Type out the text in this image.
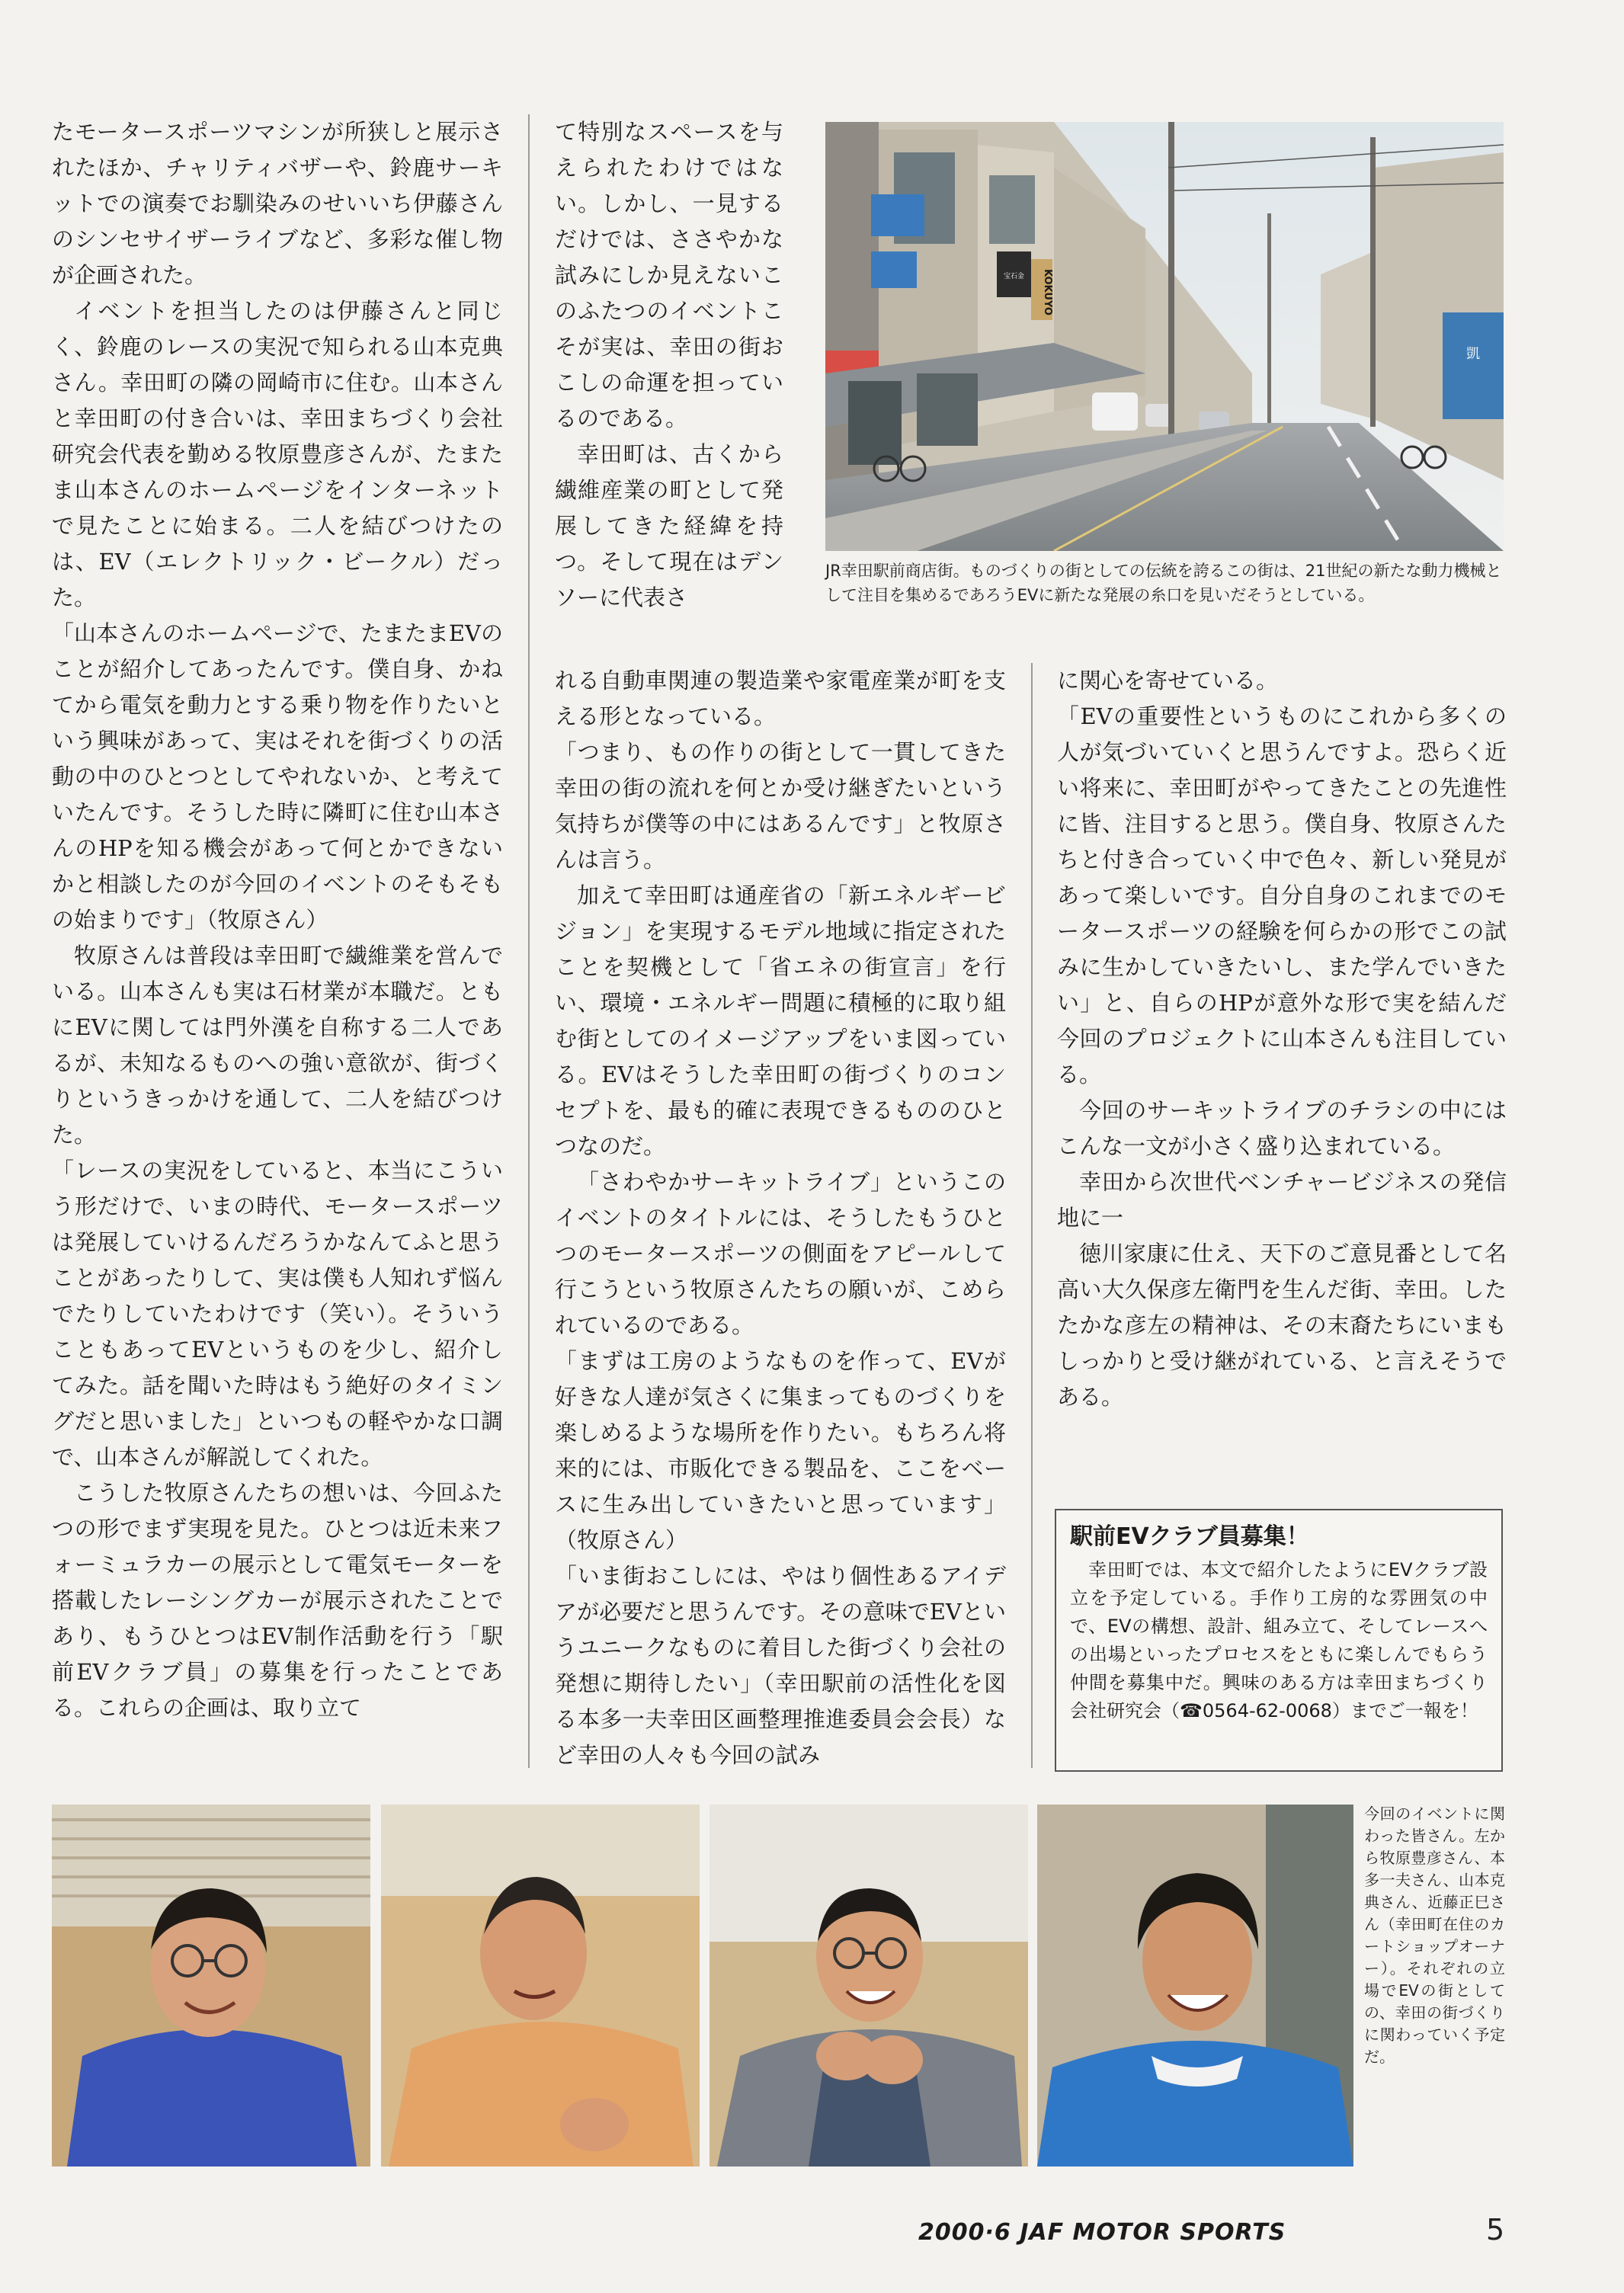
たモータースポーツマシンが所狭しと展示されたほか、チャリティバザーや、鈴鹿サーキットでの演奏でお馴染みのせいいち伊藤さんのシンセサイザーライブなど、多彩な催し物が企画された。

イベントを担当したのは伊藤さんと同じく、鈴鹿のレースの実況で知られる山本克典さん。幸田町の隣の岡崎市に住む。山本さんと幸田町の付き合いは、幸田まちづくり会社研究会代表を勤める牧原豊彦さんが、たまたま山本さんのホームページをインターネットで見たことに始まる。二人を結びつけたのは、EV（エレクトリック・ビークル）だった。

「山本さんのホームページで、たまたまEVのことが紹介してあったんです。僕自身、かねてから電気を動力とする乗り物を作りたいという興味があって、実はそれを街づくりの活動の中のひとつとしてやれないか、と考えていたんです。そうした時に隣町に住む山本さんのHPを知る機会があって何とかできないかと相談したのが今回のイベントのそもそもの始まりです」（牧原さん）

牧原さんは普段は幸田町で繊維業を営んでいる。山本さんも実は石材業が本職だ。ともにEVに関しては門外漢を自称する二人であるが、未知なるものへの強い意欲が、街づくりというきっかけを通して、二人を結びつけた。

「レースの実況をしていると、本当にこういう形だけで、いまの時代、モータースポーツは発展していけるんだろうかなんてふと思うことがあったりして、実は僕も人知れず悩んでたりしていたわけです（笑い）。そういうこともあってEVというものを少し、紹介してみた。話を聞いた時はもう絶好のタイミングだと思いました」といつもの軽やかな口調で、山本さんが解説してくれた。

こうした牧原さんたちの想いは、今回ふたつの形でまず実現を見た。ひとつは近未来フォーミュラカーの展示として電気モーターを搭載したレーシングカーが展示されたことであり、もうひとつはEV制作活動を行う「駅前EVクラブ員」の募集を行ったことである。これらの企画は、取り立て

て特別なスペースを与えられたわけではない。しかし、一見するだけでは、ささやかな試みにしか見えないこのふたつのイベントこそが実は、幸田の街おこしの命運を担っているのである。

幸田町は、古くから繊維産業の町として発展してきた経緯を持つ。そして現在はデンソーに代表さ

れる自動車関連の製造業や家電産業が町を支える形となっている。

「つまり、もの作りの街として一貫してきた幸田の街の流れを何とか受け継ぎたいという気持ちが僕等の中にはあるんです」と牧原さんは言う。

加えて幸田町は通産省の「新エネルギービジョン」を実現するモデル地域に指定されたことを契機として「省エネの街宣言」を行い、環境・エネルギー問題に積極的に取り組む街としてのイメージアップをいま図っている。EVはそうした幸田町の街づくりのコンセプトを、最も的確に表現できるもののひとつなのだ。

「さわやかサーキットライブ」というこのイベントのタイトルには、そうしたもうひとつのモータースポーツの側面をアピールして行こうという牧原さんたちの願いが、こめられているのである。

「まずは工房のようなものを作って、EVが好きな人達が気さくに集まってものづくりを楽しめるような場所を作りたい。もちろん将来的には、市販化できる製品を、ここをベースに生み出していきたいと思っています」（牧原さん）

「いま街おこしには、やはり個性あるアイデアが必要だと思うんです。その意味でEVというユニークなものに着目した街づくり会社の発想に期待したい」（幸田駅前の活性化を図る本多一夫幸田区画整理推進委員会会長）など幸田の人々も今回の試み

に関心を寄せている。

「EVの重要性というものにこれから多くの人が気づいていくと思うんですよ。恐らく近い将来に、幸田町がやってきたことの先進性に皆、注目すると思う。僕自身、牧原さんたちと付き合っていく中で色々、新しい発見があって楽しいです。自分自身のこれまでのモータースポーツの経験を何らかの形でこの試みに生かしていきたいし、また学んでいきたい」と、自らのHPが意外な形で実を結んだ今回のプロジェクトに山本さんも注目している。

今回のサーキットライブのチラシの中にはこんな一文が小さく盛り込まれている。

幸田から次世代ベンチャービジネスの発信地に一

徳川家康に仕え、天下のご意見番として名高い大久保彦左衛門を生んだ街、幸田。したたかな彦左の精神は、その末裔たちにいまもしっかりと受け継がれている、と言えそうである。

宝石金 KOKUYO
凱
JR幸田駅前商店街。ものづくりの街としての伝統を誇るこの街は、21世紀の新たな動力機械として注目を集めるであろうEVに新たな発展の糸口を見いだそうとしている。
駅前EVクラブ員募集！
幸田町では、本文で紹介したようにEVクラブ設立を予定している。手作り工房的な雰囲気の中で、EVの構想、設計、組み立て、そしてレースへの出場といったプロセスをともに楽しんでもらう仲間を募集中だ。興味のある方は幸田まちづくり会社研究会（☎0564-62-0068）までご一報を！
今回のイベントに関わった皆さん。左から牧原豊彦さん、本多一夫さん、山本克典さん、近藤正巳さん（幸田町在住のカートショップオーナー）。それぞれの立場でEVの街としての、幸田の街づくりに関わっていく予定だ。
2000·6 JAF MOTOR SPORTS	5
